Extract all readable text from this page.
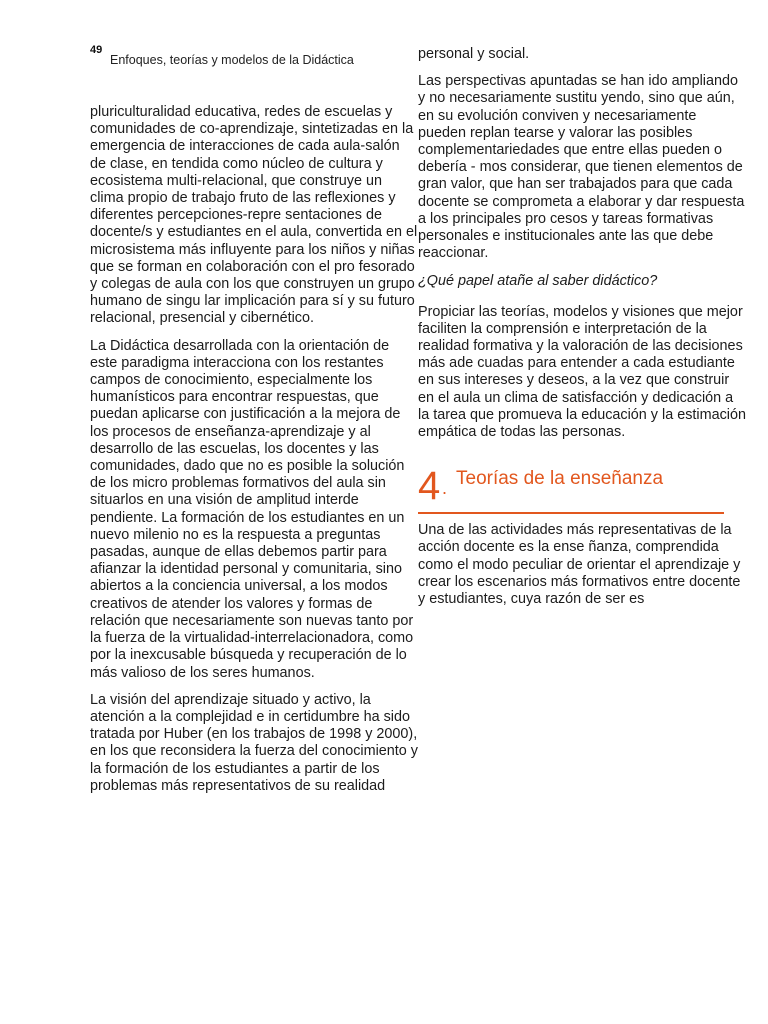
49
Enfoques, teorías y modelos de la Didáctica

pluriculturalidad educativa, redes de escuelas y comunidades de co-aprendizaje, sintetizadas en la emergencia de interacciones de cada aula-salón de clase, en tendida como núcleo de cultura y ecosistema multi-relacional, que construye un clima propio de trabajo fruto de las reflexiones y diferentes percepciones-repre sentaciones de docente/s y estudiantes en el aula, convertida en el microsistema más influyente para los niños y niñas que se forman en colaboración con el pro fesorado y colegas de aula con los que construyen un grupo humano de singu lar implicación para sí y su futuro relacional, presencial y cibernético.

La Didáctica desarrollada con la orientación de este paradigma interacciona con los restantes campos de conocimiento, especialmente los humanísticos para encontrar respuestas, que puedan aplicarse con justificación a la mejora de los procesos de enseñanza-aprendizaje y al desarrollo de las escuelas, los docentes y las comunidades, dado que no es posible la solución de los micro problemas formativos del aula sin situarlos en una visión de amplitud interde pendiente. La formación de los estudiantes en un nuevo milenio no es la respuesta a preguntas pasadas, aunque de ellas debemos partir para afianzar la identidad personal y comunitaria, sino abiertos a la conciencia universal, a los modos creativos de atender los valores y formas de relación que necesariamente son nuevas tanto por la fuerza de la virtualidad-interrelacionadora, como por la inexcusable búsqueda y recuperación de lo más valioso de los seres humanos.

La visión del aprendizaje situado y activo, la atención a la complejidad e in certidumbre ha sido tratada por Huber (en los trabajos de 1998 y 2000), en los que reconsidera la fuerza del conocimiento y la formación de los estudiantes a partir de los problemas más representativos de su realidad

personal y social.

Las perspectivas apuntadas se han ido ampliando y no necesariamente sustitu yendo, sino que aún, en su evolución conviven y necesariamente pueden replan tearse y valorar las posibles complementariedades que entre ellas pueden o debería - mos considerar, que tienen elementos de gran valor, que han ser trabajados para que cada docente se comprometa a elaborar y dar respuesta a los principales pro cesos y tareas formativas personales e institucionales ante las que debe reaccionar.

¿Qué papel atañe al saber didáctico?

Propiciar las teorías, modelos y visiones que mejor faciliten la comprensión e interpretación de la realidad formativa y la valoración de las decisiones más ade cuadas para entender a cada estudiante en sus intereses y deseos, a la vez que construir en el aula un clima de satisfacción y dedicación a la tarea que promueva la educación y la estimación empática de todas las personas.

4 . Teorías de la enseñanza

Una de las actividades más representativas de la acción docente es la ense ñanza, comprendida como el modo peculiar de orientar el aprendizaje y crear los escenarios más formativos entre docente y estudiantes, cuya razón de ser es
